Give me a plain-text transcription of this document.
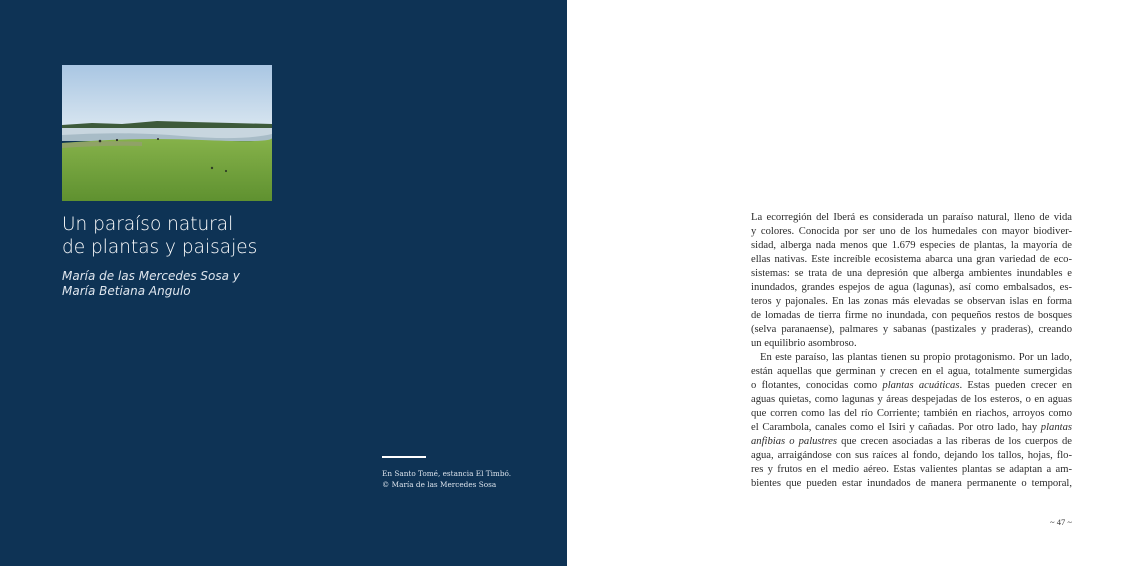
Un paraíso natural
de plantas y paisajes
María de las Mercedes Sosa y
María Betiana Angulo
En Santo Tomé, estancia El Timbó.
© María de las Mercedes Sosa
La ecorregión del Iberá es considerada un paraíso natural, lleno de vida
y colores. Conocida por ser uno de los humedales con mayor biodiver-
sidad, alberga nada menos que 1.679 especies de plantas, la mayoría de
ellas nativas. Este increíble ecosistema abarca una gran variedad de eco-
sistemas: se trata de una depresión que alberga ambientes inundables e
inundados, grandes espejos de agua (lagunas), así como embalsados, es-
teros y pajonales. En las zonas más elevadas se observan islas en forma
de lomadas de tierra firme no inundada, con pequeños restos de bosques
(selva paranaense), palmares y sabanas (pastizales y praderas), creando
un equilibrio asombroso.
En este paraíso, las plantas tienen su propio protagonismo. Por un lado,
están aquellas que germinan y crecen en el agua, totalmente sumergidas
o flotantes, conocidas como plantas acuáticas. Estas pueden crecer en
aguas quietas, como lagunas y áreas despejadas de los esteros, o en aguas
que corren como las del río Corriente; también en riachos, arroyos como
el Carambola, canales como el Isiri y cañadas. Por otro lado, hay plantas
anfibias o palustres que crecen asociadas a las riberas de los cuerpos de
agua, arraigándose con sus raíces al fondo, dejando los tallos, hojas, flo-
res y frutos en el medio aéreo. Estas valientes plantas se adaptan a am-
bientes que pueden estar inundados de manera permanente o temporal,
~ 47 ~
